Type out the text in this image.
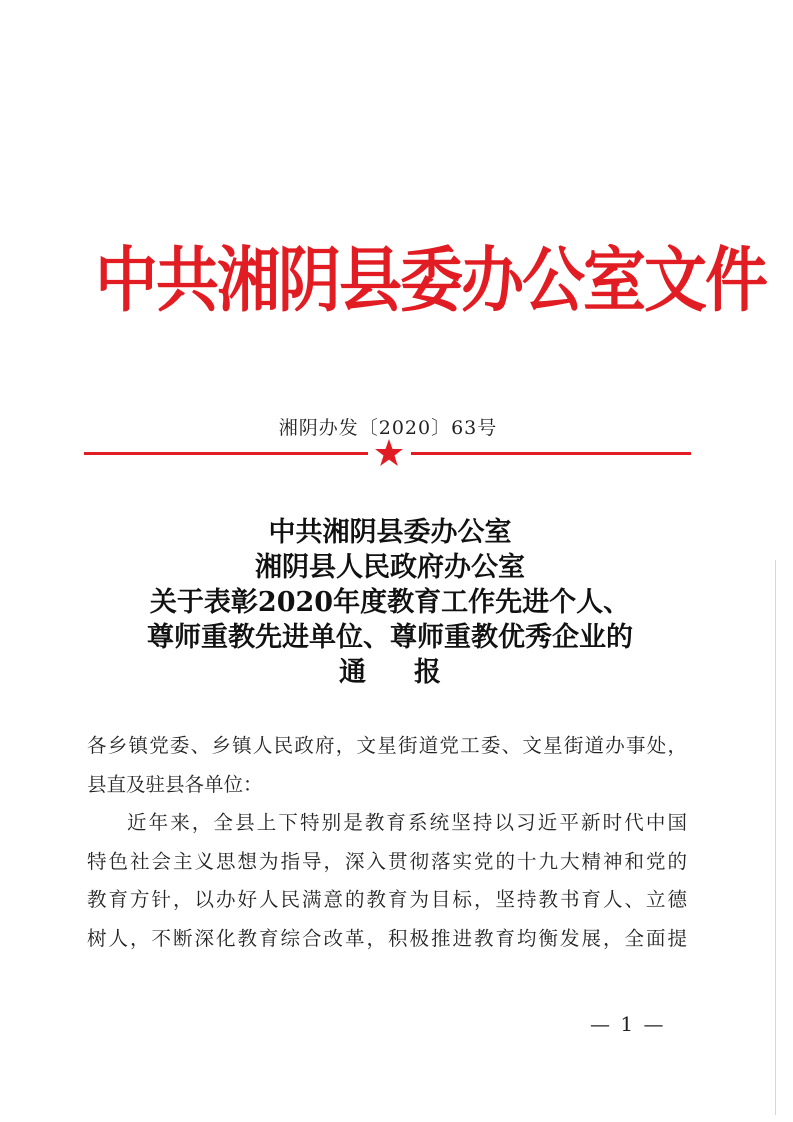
中共湘阴县委办公室文件
湘阴办发〔2020〕63号
中共湘阴县委办公室
湘阴县人民政府办公室
关于表彰2020年度教育工作先进个人、
尊师重教先进单位、尊师重教优秀企业的
通 报
各乡镇党委、乡镇人民政府，文星街道党工委、文星街道办事处，
县直及驻县各单位：
近年来，全县上下特别是教育系统坚持以习近平新时代中国
特色社会主义思想为指导，深入贯彻落实党的十九大精神和党的
教育方针，以办好人民满意的教育为目标，坚持教书育人、立德
树人，不断深化教育综合改革，积极推进教育均衡发展，全面提
— 1 —
